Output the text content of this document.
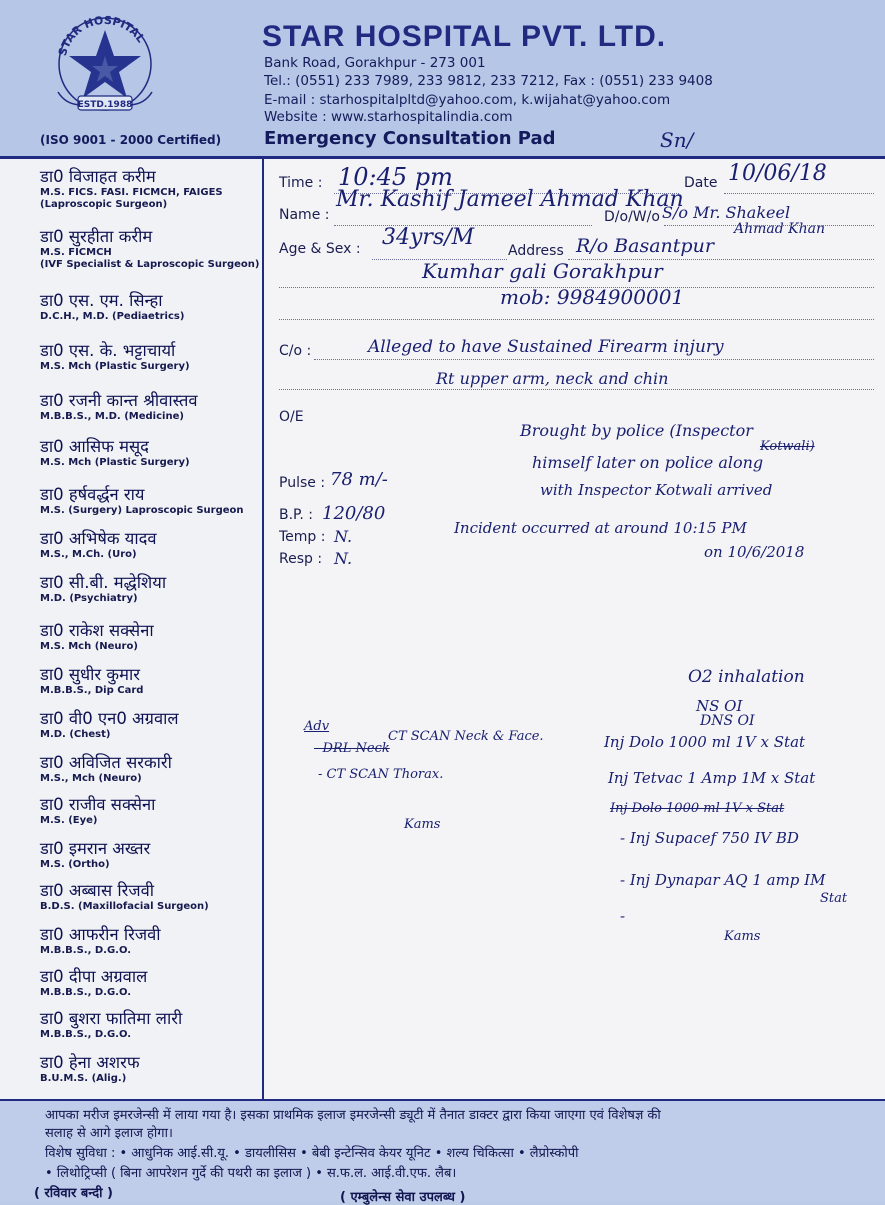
STAR HOSPITAL
ESTD.1988
(ISO 9001 - 2000 Certified)
STAR HOSPITAL PVT. LTD.
Bank Road, Gorakhpur - 273 001
Tel.: (0551) 233 7989, 233 9812, 233 7212, Fax : (0551) 233 9408
E-mail : starhospitalpltd@yahoo.com, k.wijahat@yahoo.com
Website : www.starhospitalindia.com
Emergency Consultation Pad	Sn/
डा0 विजाहत करीम
M.S. FICS. FASI. FICMCH, FAIGES
(Laproscopic Surgeon)
डा0 सुरहीता करीम
M.S. FICMCH
(IVF Specialist & Laproscopic Surgeon)
डा0 एस. एम. सिन्हा
D.C.H., M.D. (Pediaetrics)
डा0 एस. के. भट्टाचार्या
M.S. Mch (Plastic Surgery)
डा0 रजनी कान्त श्रीवास्तव
M.B.B.S., M.D. (Medicine)
डा0 आसिफ मसूद
M.S. Mch (Plastic Surgery)
डा0 हर्षवर्द्धन राय
M.S. (Surgery) Laproscopic Surgeon
डा0 अभिषेक यादव
M.S., M.Ch. (Uro)
डा0 सी.बी. मद्धेशिया
M.D. (Psychiatry)
डा0 राकेश सक्सेना
M.S. Mch (Neuro)
डा0 सुधीर कुमार
M.B.B.S., Dip Card
डा0 वी0 एन0 अग्रवाल
M.D. (Chest)
डा0 अविजित सरकारी
M.S., Mch (Neuro)
डा0 राजीव सक्सेना
M.S. (Eye)
डा0 इमरान अख्तर
M.S. (Ortho)
डा0 अब्बास रिजवी
B.D.S. (Maxillofacial Surgeon)
डा0 आफरीन रिजवी
M.B.B.S., D.G.O.
डा0 दीपा अग्रवाल
M.B.B.S., D.G.O.
डा0 बुशरा फातिमा लारी
M.B.B.S., D.G.O.
डा0 हेना अशरफ
B.U.M.S. (Alig.)
Time : 10:45 pm	Date 10/06/18
Name :
Mr. Kashif Jameel Ahmad Khan
D/o/W/o S/o Mr. Shakeel
Ahmad Khan
Age & Sex : 34yrs/M
Address R/o Basantpur
Kumhar gali Gorakhpur
mob: 9984900001
C/o :	Alleged to have Sustained Firearm injury
Rt upper arm, neck and chin
O/E
Brought by police (Inspector
Kotwali)
himself later on police along
with Inspector Kotwali arrived
Pulse : 78 m/-
B.P. : 120/80
Temp : N.
Resp : N.
Incident occurred at around 10:15 PM
on 10/6/2018
O2 inhalation
NS OI
DNS OI
Adv
- DRL Neck
CT SCAN Neck & Face.
- CT SCAN Thorax.
Kams
Inj Dolo 1000 ml 1V x Stat
Inj Tetvac 1 Amp 1M x Stat
Inj Dolo 1000 ml 1V x Stat
- Inj Supacef 750 IV BD
- Inj Dynapar AQ 1 amp IM
Stat
-
Kams
आपका मरीज इमरजेन्सी में लाया गया है। इसका प्राथमिक इलाज इमरजेन्सी ड्यूटी में तैनात डाक्टर द्वारा किया जाएगा एवं विशेषज्ञ की
सलाह से आगे इलाज होगा।
विशेष सुविधा : • आधुनिक आई.सी.यू. • डायलीसिस • बेबी इन्टेन्सिव केयर यूनिट • शल्य चिकित्सा • लैप्रोस्कोपी
• लिथोट्रिप्सी ( बिना आपरेशन गुर्दे की पथरी का इलाज ) • स.फ.ल. आई.वी.एफ. लैब।
( रविवार बन्दी )	( एम्बुलेन्स सेवा उपलब्ध )
